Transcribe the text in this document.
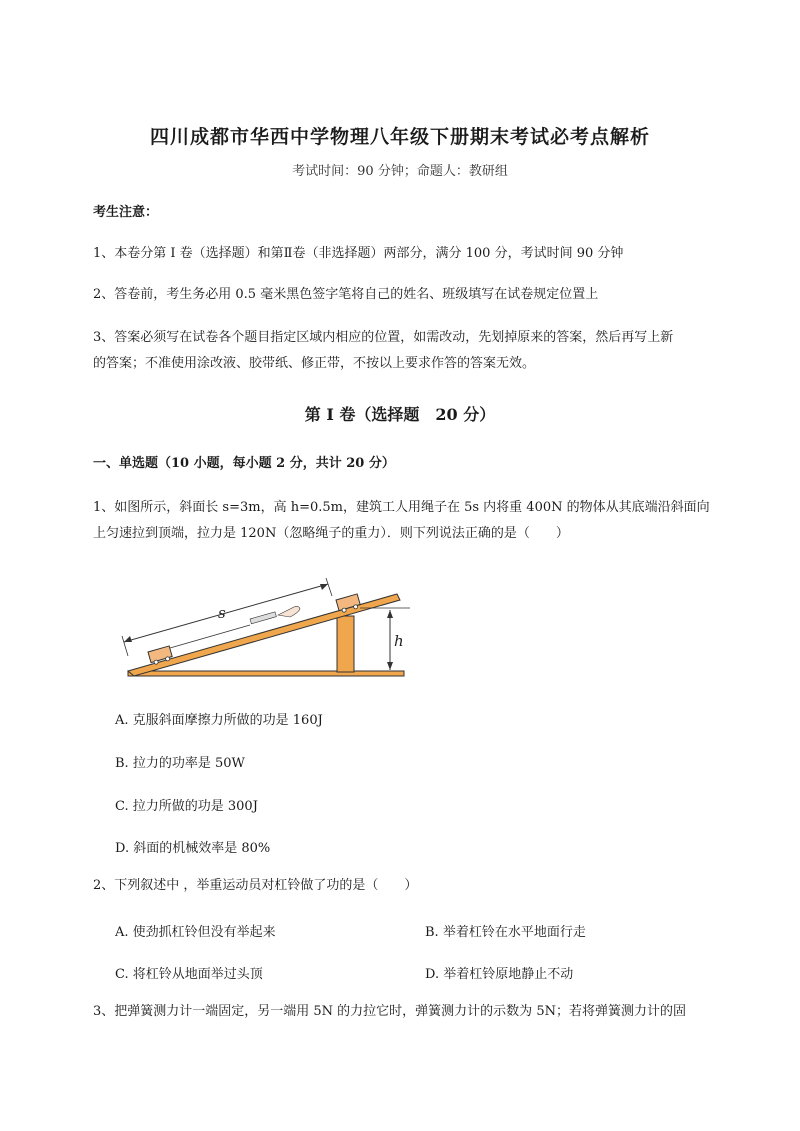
四川成都市华西中学物理八年级下册期末考试必考点解析
考试时间：90 分钟；命题人：教研组
考生注意：
1、本卷分第 I 卷（选择题）和第Ⅱ卷（非选择题）两部分，满分 100 分，考试时间 90 分钟
2、答卷前，考生务必用 0.5 毫米黑色签字笔将自己的姓名、班级填写在试卷规定位置上
3、答案必须写在试卷各个题目指定区域内相应的位置，如需改动，先划掉原来的答案，然后再写上新
的答案；不准使用涂改液、胶带纸、修正带，不按以上要求作答的答案无效。
第 I 卷（选择题　20 分）
一、单选题（10 小题，每小题 2 分，共计 20 分）
1、如图所示，斜面长 s=3m，高 h=0.5m，建筑工人用绳子在 5s 内将重 400N 的物体从其底端沿斜面向
上匀速拉到顶端，拉力是 120N（忽略绳子的重力）．则下列说法正确的是（　　）
s
h
A. 克服斜面摩擦力所做的功是 160J
B. 拉力的功率是 50W
C. 拉力所做的功是 300J
D. 斜面的机械效率是 80%
2、下列叙述中 ，举重运动员对杠铃做了功的是（　　）
A. 使劲抓杠铃但没有举起来	B. 举着杠铃在水平地面行走
C. 将杠铃从地面举过头顶	D. 举着杠铃原地静止不动
3、把弹簧测力计一端固定，另一端用 5N 的力拉它时，弹簧测力计的示数为 5N；若将弹簧测力计的固
